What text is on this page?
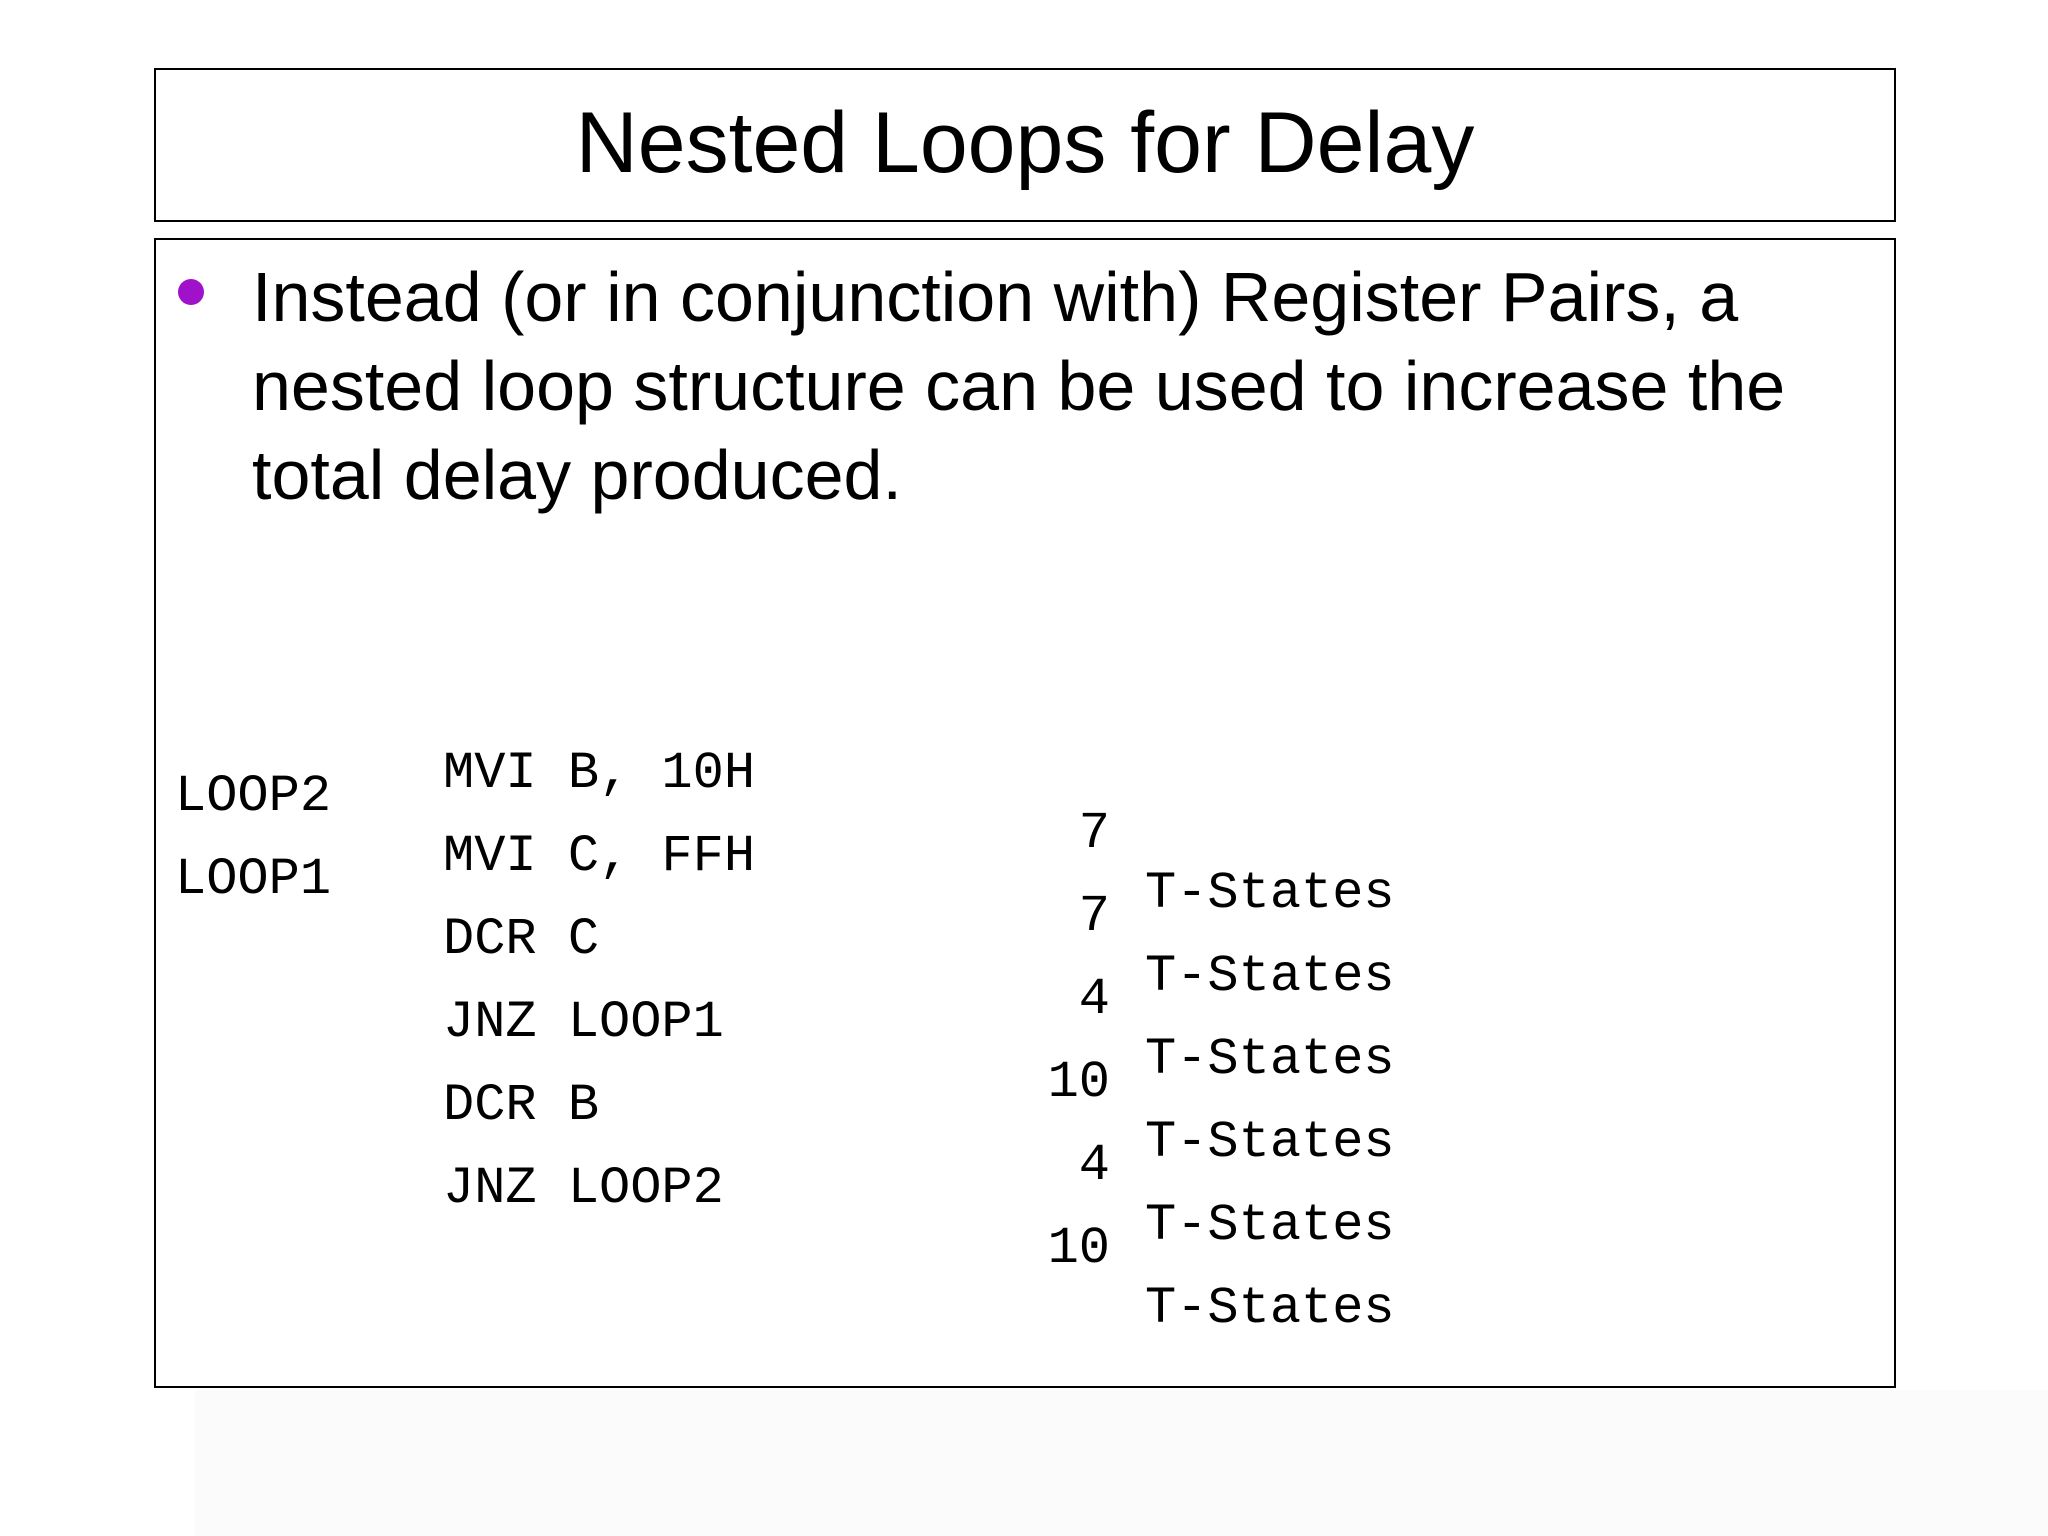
Nested Loops for Delay
Instead (or in conjunction with) Register Pairs, a nested loop structure can be used to increase the total delay produced.

MVI B, 10H

7

T-States

LOOP2

MVI C, FFH

7

T-States

LOOP1

DCR C

4

T-States

JNZ LOOP1

10

T-States

DCR B

4

T-States

JNZ LOOP2

10

T-States
